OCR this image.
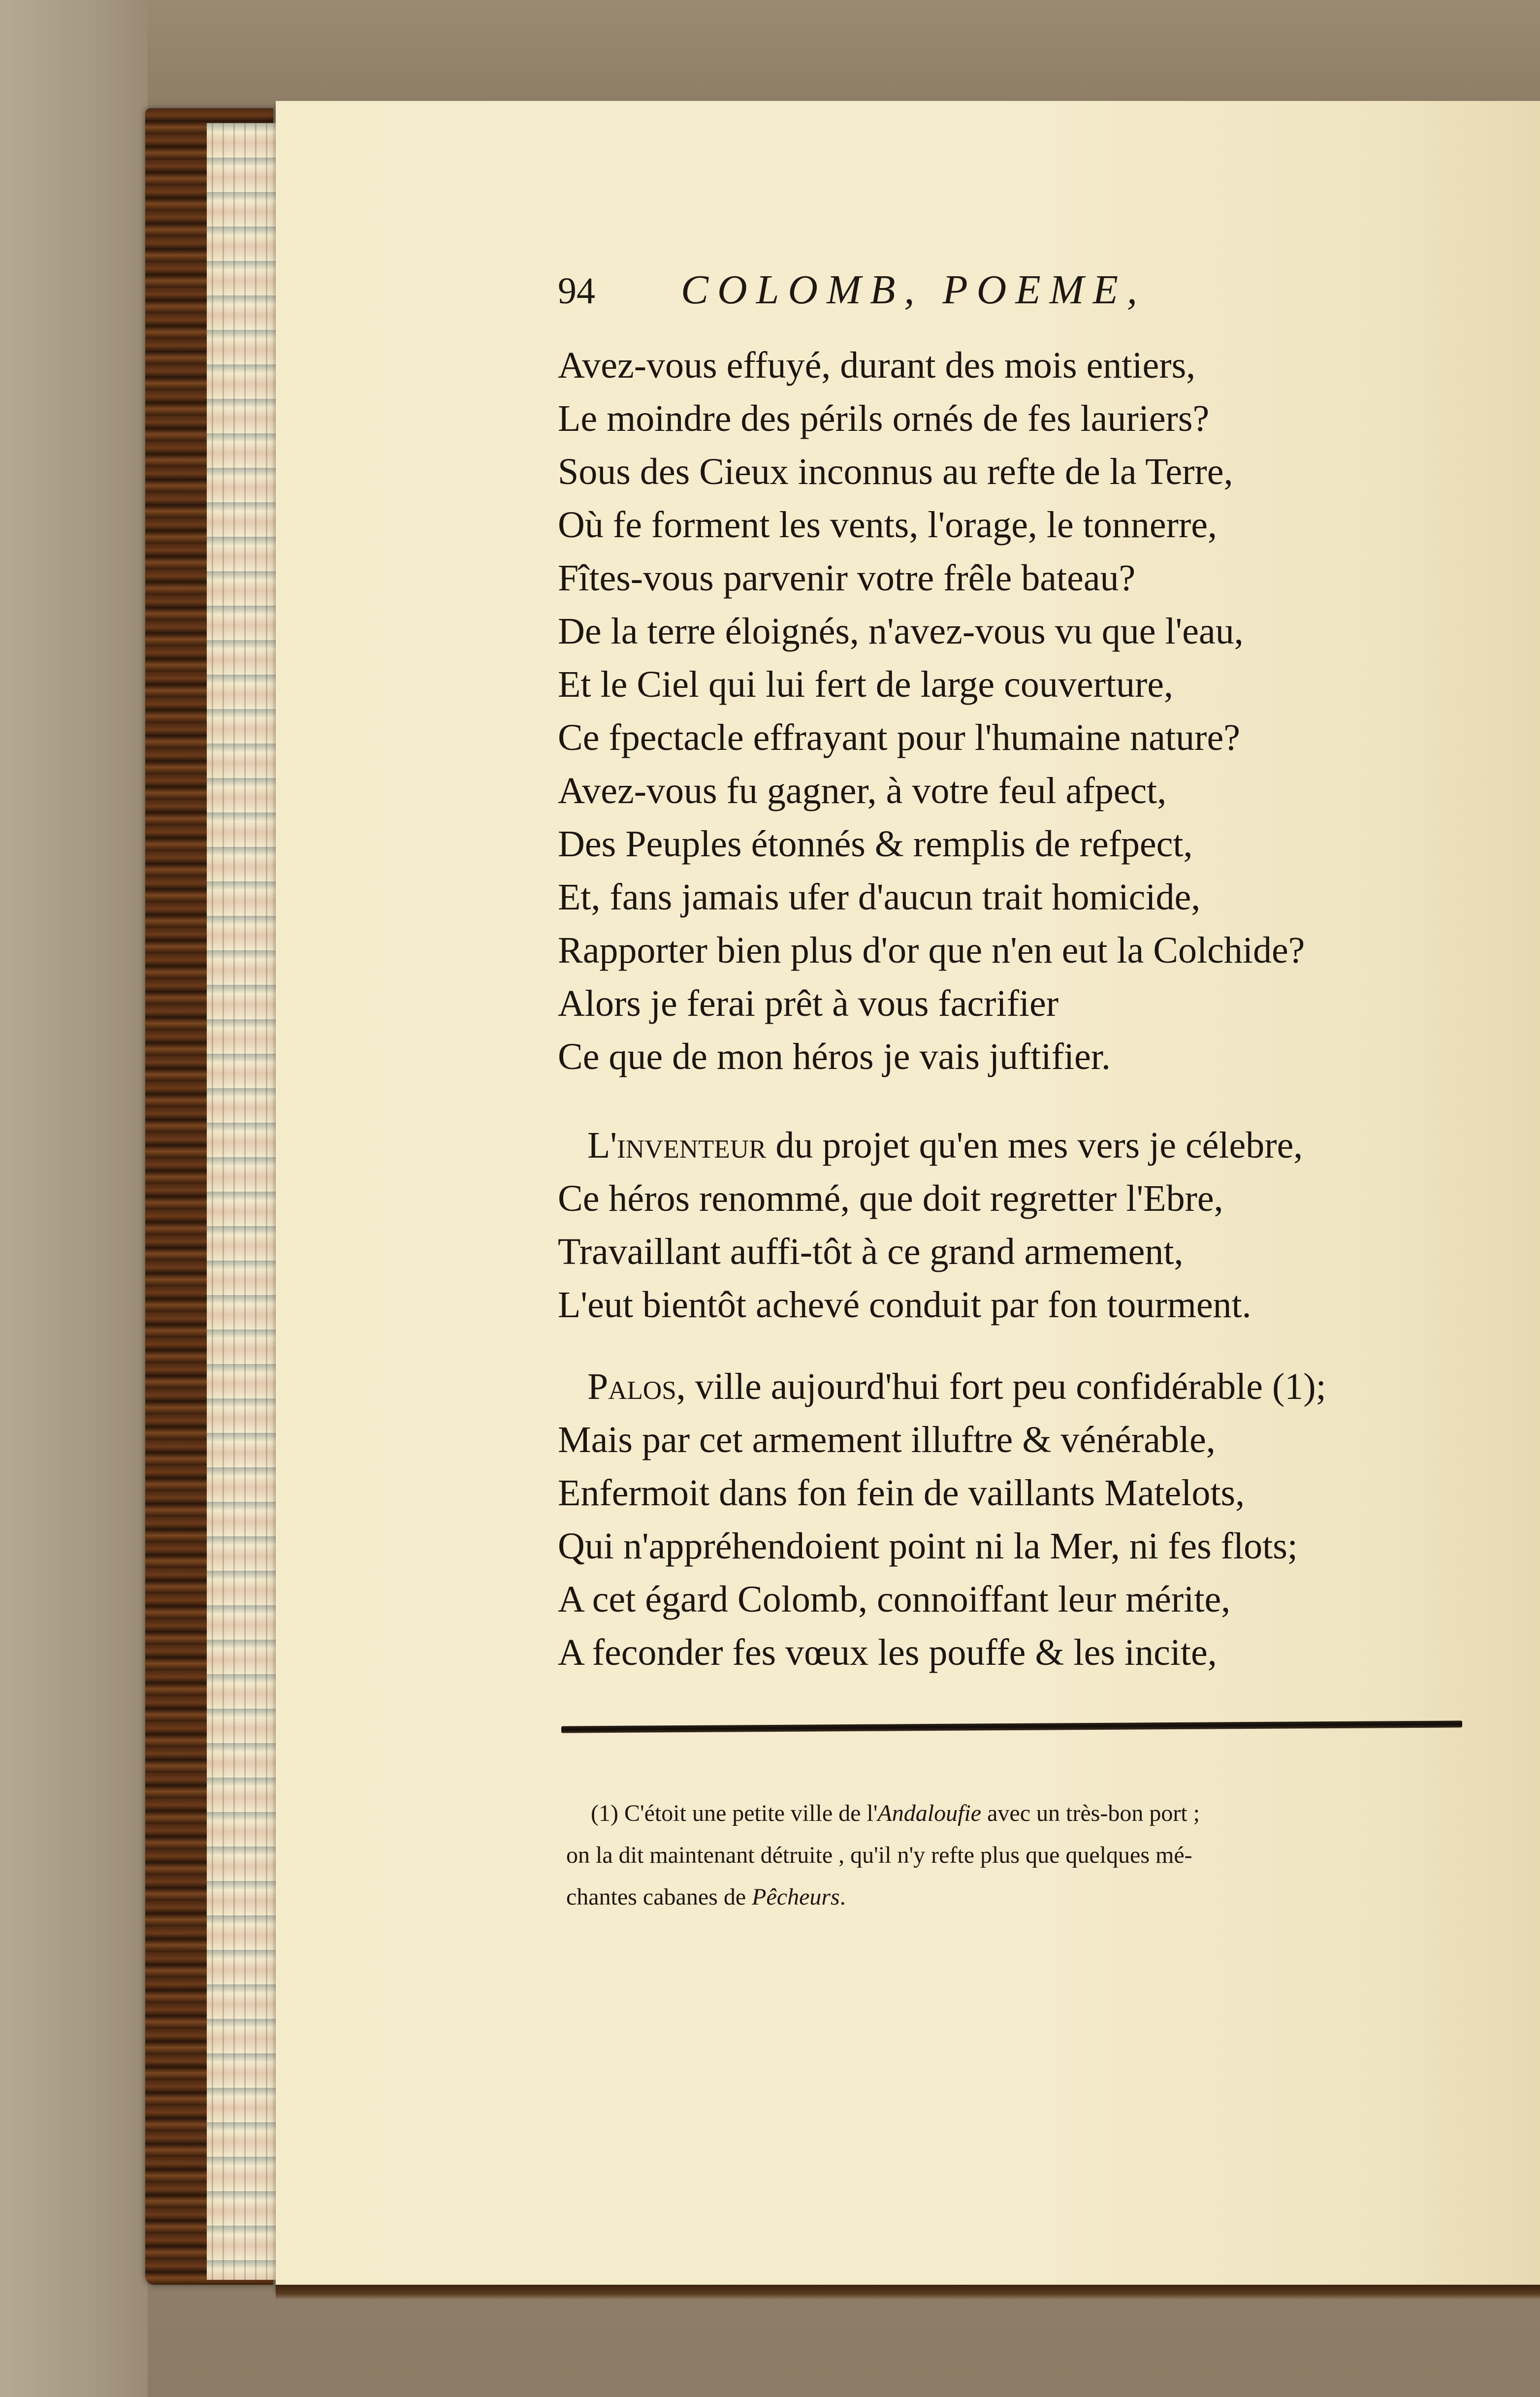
94	COLOMB, POEME,
Avez-vous effuyé, durant des mois entiers,
Le moindre des périls ornés de fes lauriers?
Sous des Cieux inconnus au refte de la Terre,
Où fe forment les vents, l'orage, le tonnerre,
Fîtes-vous parvenir votre frêle bateau?
De la terre éloignés, n'avez-vous vu que l'eau,
Et le Ciel qui lui fert de large couverture,
Ce fpectacle effrayant pour l'humaine nature?
Avez-vous fu gagner, à votre feul afpect,
Des Peuples étonnés & remplis de refpect,
Et, fans jamais ufer d'aucun trait homicide,
Rapporter bien plus d'or que n'en eut la Colchide?
Alors je ferai prêt à vous facrifier
Ce que de mon héros je vais juftifier.
L'inventeur du projet qu'en mes vers je célebre,
Ce héros renommé, que doit regretter l'Ebre,
Travaillant auffi-tôt à ce grand armement,
L'eut bientôt achevé conduit par fon tourment.
Palos, ville aujourd'hui fort peu confidérable (1);
Mais par cet armement illuftre & vénérable,
Enfermoit dans fon fein de vaillants Matelots,
Qui n'appréhendoient point ni la Mer, ni fes flots;
A cet égard Colomb, connoiffant leur mérite,
A feconder fes vœux les pouffe & les incite,
(1) C'étoit une petite ville de l'Andaloufie avec un très-bon port ;
on la dit maintenant détruite , qu'il n'y refte plus que quelques mé-
chantes cabanes de Pêcheurs.
